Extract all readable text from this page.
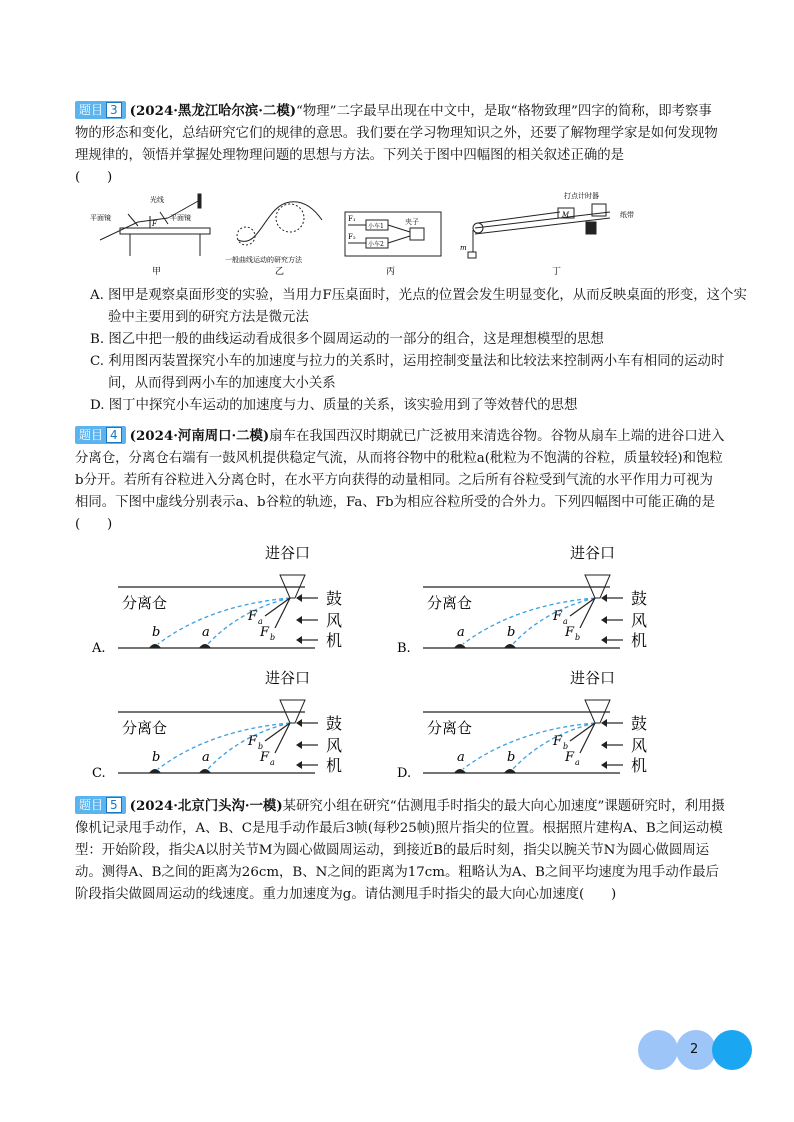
题目 3 (2024·黑龙江哈尔滨·二模)“物理”二字最早出现在中文中，是取“格物致理”四字的简称，即考察事物的形态和变化，总结研究它们的规律的意思。我们要在学习物理知识之外，还要了解物理学家是如何发现物理规律的，领悟并掌握处理物理问题的思想与方法。下列关于图中四幅图的相关叙述正确的是
(　　)
甲
光线
平面镜	平面镜
F
一般曲线运动的研究方法
乙
F₁
F₂
小车1
小车2
夹子
丙
打点计时器
纸带
M
m
丁
A. 图甲是观察桌面形变的实验，当用力F压桌面时，光点的位置会发生明显变化，从而反映桌面的形变，这个实验中主要用到的研究方法是微元法
B. 图乙中把一般的曲线运动看成很多个圆周运动的一部分的组合，这是理想模型的思想
C. 利用图丙装置探究小车的加速度与拉力的关系时，运用控制变量法和比较法来控制两小车有相同的运动时间，从而得到两小车的加速度大小关系
D. 图丁中探究小车运动的加速度与力、质量的关系，该实验用到了等效替代的思想
题目 4 (2024·河南周口·二模)扇车在我国西汉时期就已广泛被用来清选谷物。谷物从扇车上端的进谷口进入分离仓，分离仓右端有一鼓风机提供稳定气流，从而将谷物中的秕粒a(秕粒为不饱满的谷粒，质量较轻)和饱粒b分开。若所有谷粒进入分离仓时，在水平方向获得的动量相同。之后所有谷粒受到气流的水平作用力可视为相同。下图中虚线分别表示a、b谷粒的轨迹，Fa、Fb为相应谷粒所受的合外力。下列四幅图中可能正确的是(　　)
进谷口
分离仓	鼓
风
机
b	a
F a
F b
A.
进谷口
分离仓	鼓
风
机
a	b
F a
F b
B.
进谷口
分离仓	鼓
风
机
b	a
F b
F a
C.
进谷口
分离仓	鼓
风
机
a	b
F b
F a
D.
题目 5 (2024·北京门头沟·一模)某研究小组在研究“估测甩手时指尖的最大向心加速度”课题研究时，利用摄像机记录甩手动作，A、B、C是甩手动作最后3帧(每秒25帧)照片指尖的位置。根据照片建构A、B之间运动模型：开始阶段，指尖A以肘关节M为圆心做圆周运动，到接近B的最后时刻，指尖以腕关节N为圆心做圆周运动。测得A、B之间的距离为26cm，B、N之间的距离为17cm。粗略认为A、B之间平均速度为甩手动作最后阶段指尖做圆周运动的线速度。重力加速度为g。请估测甩手时指尖的最大向心加速度(　　)
2
